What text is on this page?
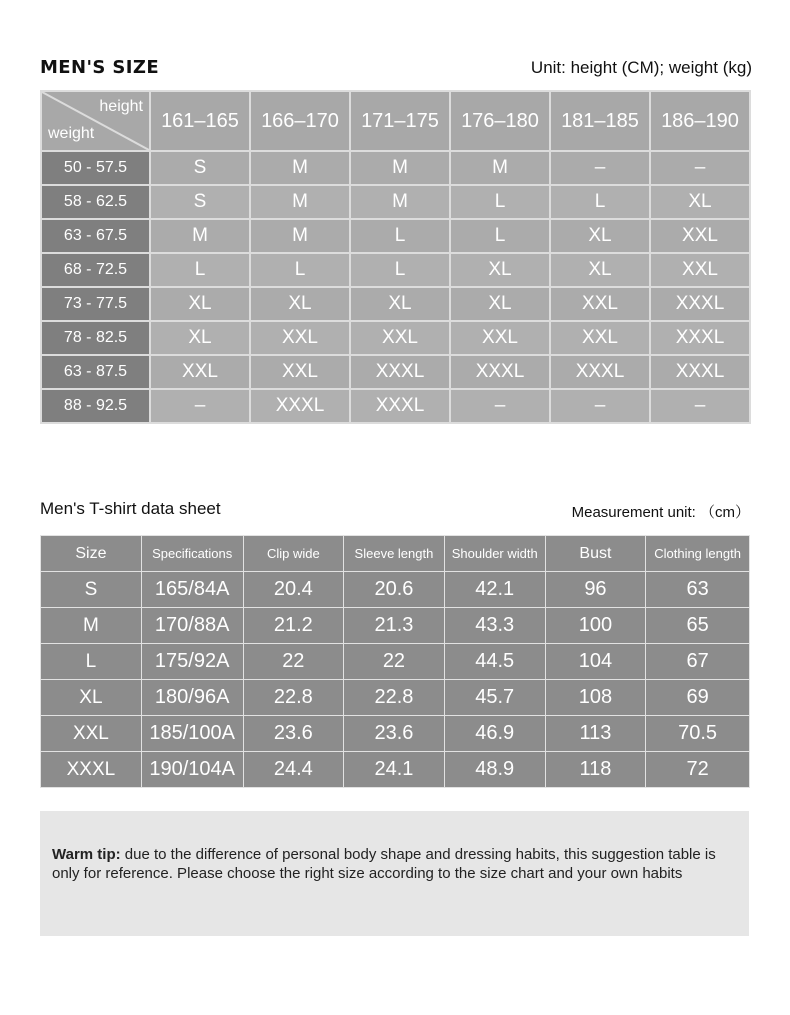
MEN'S SIZE	Unit: height (CM); weight (kg)
height
weight	161–165	166–170	171–175	176–180	181–185	186–190
50 - 57.5	S	M	M	M	–	–
58 - 62.5	S	M	M	L	L	XL
63 - 67.5	M	M	L	L	XL	XXL
68 - 72.5	L	L	L	XL	XL	XXL
73 - 77.5	XL	XL	XL	XL	XXL	XXXL
78 - 82.5	XL	XXL	XXL	XXL	XXL	XXXL
63 - 87.5	XXL	XXL	XXXL	XXXL	XXXL	XXXL
88 - 92.5	–	XXXL	XXXL	–	–	–
Men's T-shirt data sheet	Measurement unit: （cm）
Size	Specifications	Clip wide	Sleeve length	Shoulder width	Bust	Clothing length
S	165/84A	20.4	20.6	42.1	96	63
M	170/88A	21.2	21.3	43.3	100	65
L	175/92A	22	22	44.5	104	67
XL	180/96A	22.8	22.8	45.7	108	69
XXL	185/100A	23.6	23.6	46.9	113	70.5
XXXL	190/104A	24.4	24.1	48.9	118	72
Warm tip: due to the difference of personal body shape and dressing habits, this suggestion table is only for reference. Please choose the right size according to the size chart and your own habits
